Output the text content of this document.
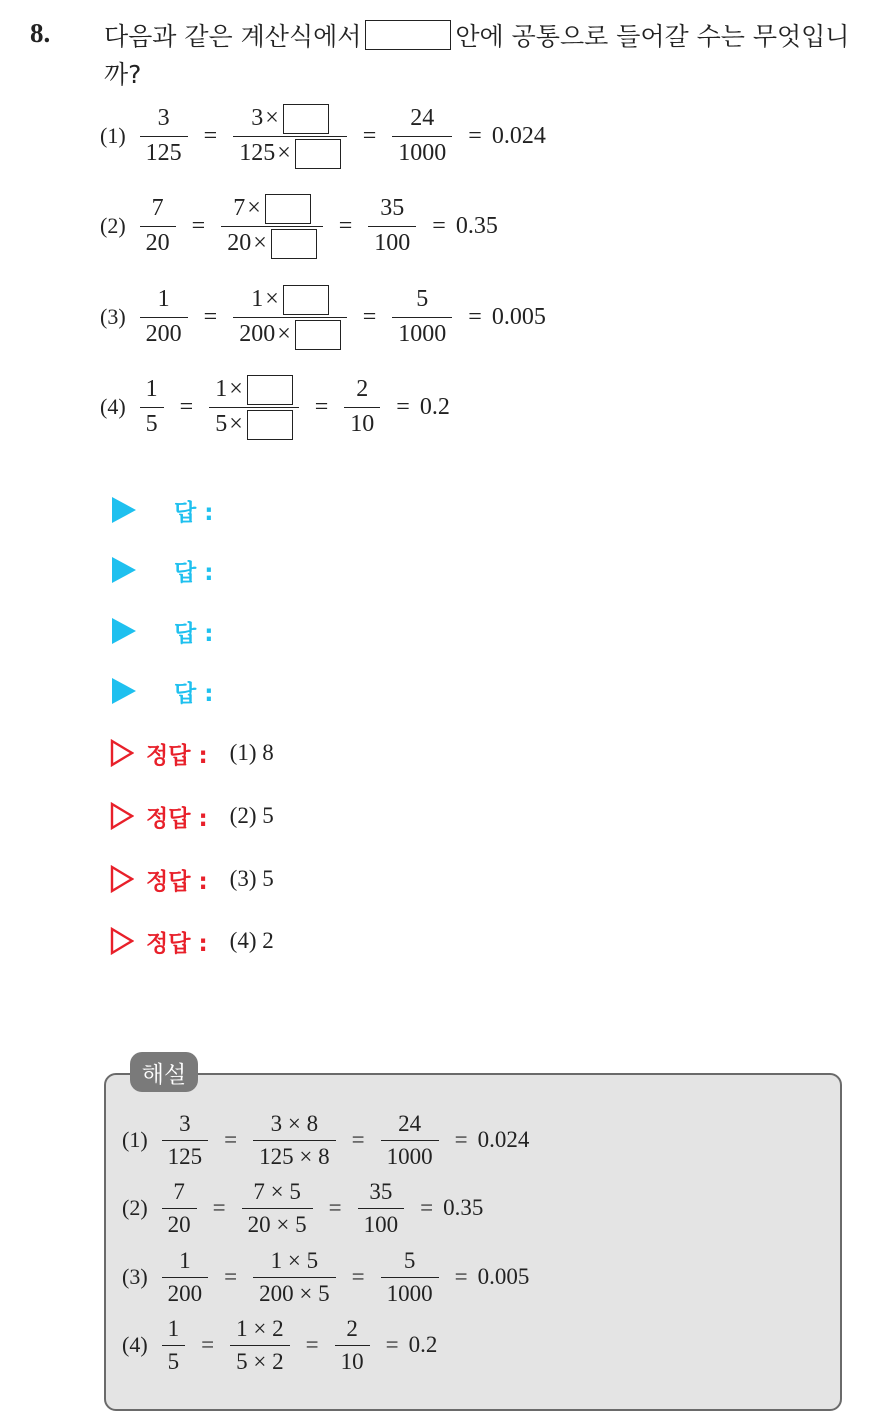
8. 다음과 같은 계산식에서	안에 공통으로 들어갈 수는 무엇입니까?
$(1) \frac{3}{125} = \frac{3 \times}{125 \times} = \frac{24}{1000} = 0.024$
$(2) \frac{7}{20} = \frac{7 \times}{20 \times} = \frac{35}{100} = 0.35$
$(3) \frac{1}{200} = \frac{1 \times}{200 \times} = \frac{5}{1000} = 0.005$
$(4) \frac{1}{5} = \frac{1 \times}{5 \times} = \frac{2}{10} = 0.2$
답 :
답 :
답 :
답 :
정답 : (1) 8
정답 : (2) 5
정답 : (3) 5
정답 : (4) 2
해설
$(1) \frac{3}{125} = \frac{3 \times 8}{125 \times 8} = \frac{24}{1000} = 0.024$
$(2) \frac{7}{20} = \frac{7 \times 5}{20 \times 5} = \frac{35}{100} = 0.35$
$(3) \frac{1}{200} = \frac{1 \times 5}{200 \times 5} = \frac{5}{1000} = 0.005$
$(4) \frac{1}{5} = \frac{1 \times 2}{5 \times 2} = \frac{2}{10} = 0.2$
